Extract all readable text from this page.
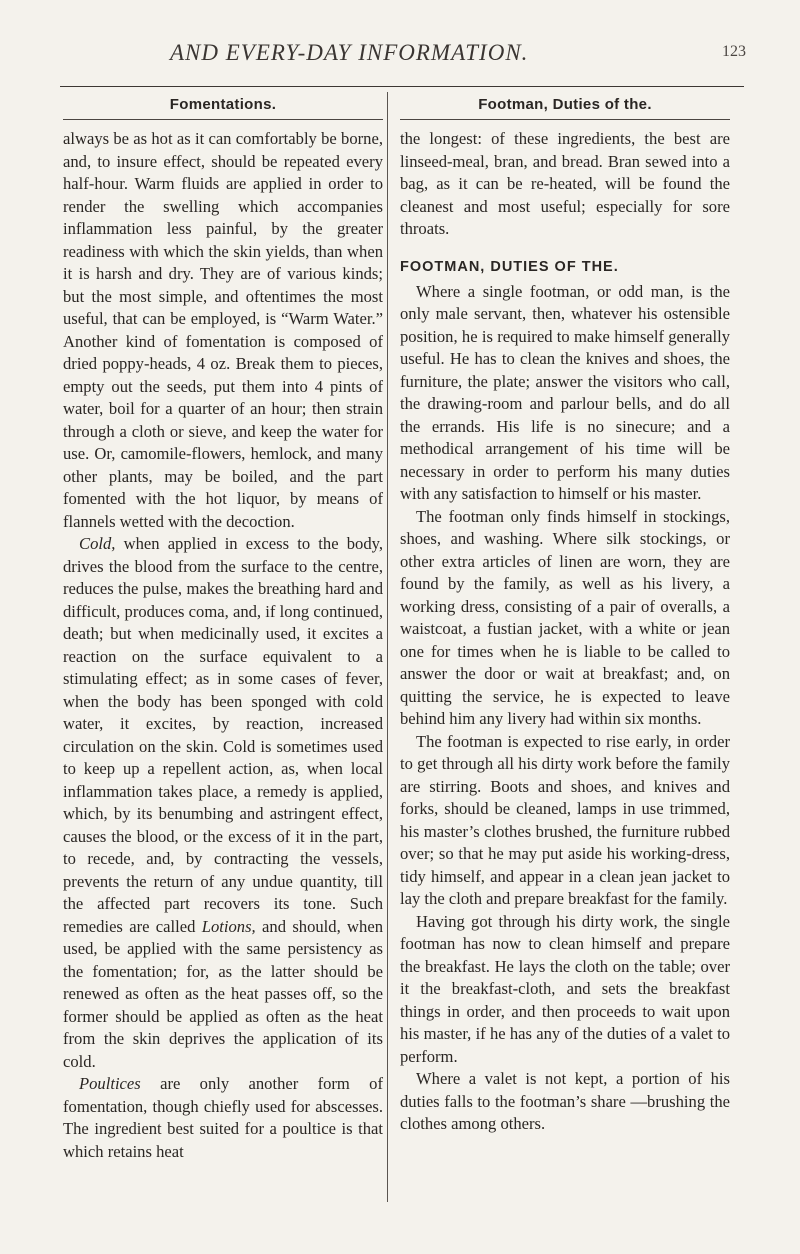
AND EVERY-DAY INFORMATION.	123
Fomentations.

always be as hot as it can comfortably be borne, and, to insure effect, should be repeated every half-hour. Warm fluids are applied in order to render the swelling which accompanies inflammation less painful, by the greater readiness with which the skin yields, than when it is harsh and dry. They are of various kinds; but the most simple, and oftentimes the most useful, that can be employed, is “Warm Water.” Another kind of fomentation is composed of dried poppy-heads, 4 oz. Break them to pieces, empty out the seeds, put them into 4 pints of water, boil for a quarter of an hour; then strain through a cloth or sieve, and keep the water for use. Or, camomile-flowers, hemlock, and many other plants, may be boiled, and the part fomented with the hot liquor, by means of flannels wetted with the decoction.

Cold, when applied in excess to the body, drives the blood from the surface to the centre, reduces the pulse, makes the breathing hard and difficult, produces coma, and, if long continued, death; but when medicinally used, it excites a reaction on the surface equivalent to a stimulating effect; as in some cases of fever, when the body has been sponged with cold water, it excites, by reaction, increased circulation on the skin. Cold is sometimes used to keep up a repellent action, as, when local inflammation takes place, a remedy is applied, which, by its benumbing and astringent effect, causes the blood, or the excess of it in the part, to recede, and, by contracting the vessels, prevents the return of any undue quantity, till the affected part recovers its tone. Such remedies are called Lotions, and should, when used, be applied with the same persistency as the fomentation; for, as the latter should be renewed as often as the heat passes off, so the former should be applied as often as the heat from the skin deprives the application of its cold.

Poultices are only another form of fomentation, though chiefly used for abscesses. The ingredient best suited for a poultice is that which retains heat

Footman, Duties of the.

the longest: of these ingredients, the best are linseed-meal, bran, and bread. Bran sewed into a bag, as it can be re-heated, will be found the cleanest and most useful; especially for sore throats.

FOOTMAN, DUTIES OF THE.

Where a single footman, or odd man, is the only male servant, then, whatever his ostensible position, he is required to make himself generally useful. He has to clean the knives and shoes, the furniture, the plate; answer the visitors who call, the drawing-room and parlour bells, and do all the errands. His life is no sinecure; and a methodical arrangement of his time will be necessary in order to perform his many duties with any satisfaction to himself or his master.

The footman only finds himself in stockings, shoes, and washing. Where silk stockings, or other extra articles of linen are worn, they are found by the family, as well as his livery, a working dress, consisting of a pair of overalls, a waistcoat, a fustian jacket, with a white or jean one for times when he is liable to be called to answer the door or wait at breakfast; and, on quitting the service, he is expected to leave behind him any livery had within six months.

The footman is expected to rise early, in order to get through all his dirty work before the family are stirring. Boots and shoes, and knives and forks, should be cleaned, lamps in use trimmed, his master’s clothes brushed, the furniture rubbed over; so that he may put aside his working-dress, tidy himself, and appear in a clean jean jacket to lay the cloth and prepare breakfast for the family.

Having got through his dirty work, the single footman has now to clean himself and prepare the breakfast. He lays the cloth on the table; over it the breakfast-cloth, and sets the breakfast things in order, and then proceeds to wait upon his master, if he has any of the duties of a valet to perform.

Where a valet is not kept, a portion of his duties falls to the footman’s share —brushing the clothes among others.
